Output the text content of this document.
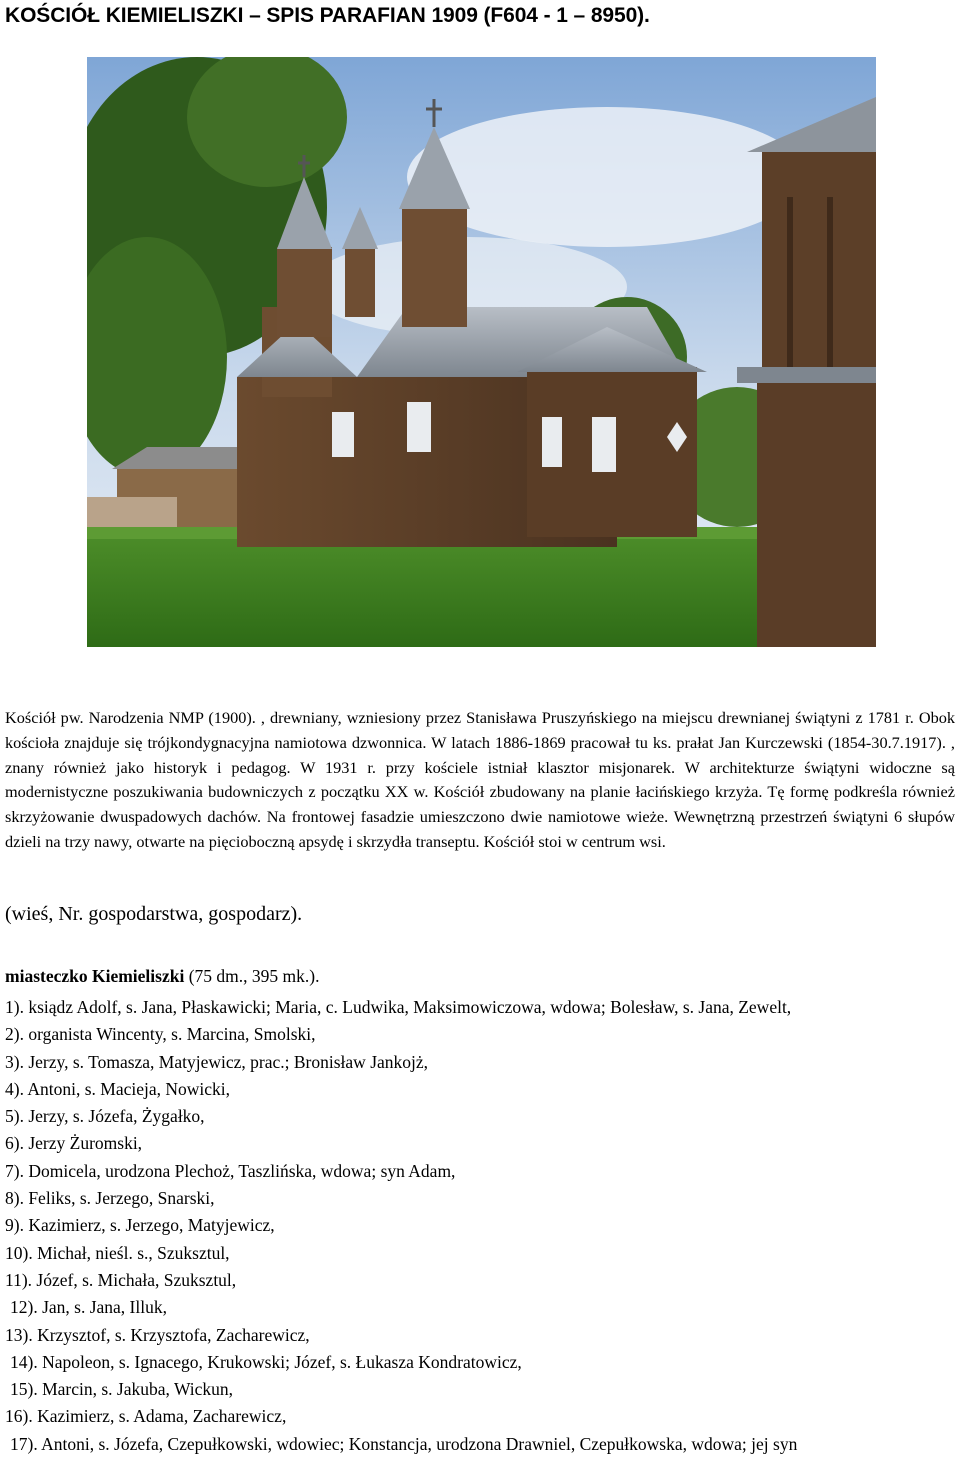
KOŚCIÓŁ KIEMIELISZKI – SPIS PARAFIAN 1909 (F604 - 1 – 8950).

Kościół pw. Narodzenia NMP (1900). , drewniany, wzniesiony przez Stanisława Pruszyńskiego na miejscu drewnianej świątyni z 1781 r. Obok kościoła znajduje się trójkondygnacyjna namiotowa dzwonnica. W latach 1886-1869 pracował tu ks. prałat Jan Kurczewski (1854-30.7.1917). , znany również jako historyk i pedagog. W 1931 r. przy kościele istniał klasztor misjonarek. W architekturze świątyni widoczne są modernistyczne poszukiwania budowniczych z początku XX w. Kościół zbudowany na planie łacińskiego krzyża. Tę formę podkreśla również skrzyżowanie dwuspadowych dachów. Na frontowej fasadzie umieszczono dwie namiotowe wieże. Wewnętrzną przestrzeń świątyni 6 słupów dzieli na trzy nawy, otwarte na pięcioboczną apsydę i skrzydła transeptu. Kościół stoi w centrum wsi.

(wieś, Nr. gospodarstwa, gospodarz).

miasteczko Kiemieliszki (75 dm., 395 mk.).

1). ksiądz Adolf, s. Jana, Płaskawicki; Maria, c. Ludwika, Maksimowiczowa, wdowa; Bolesław, s. Jana, Zewelt,
2). organista Wincenty, s. Marcina, Smolski,
3). Jerzy, s. Tomasza, Matyjewicz, prac.; Bronisław Jankojż,
4). Antoni, s. Macieja, Nowicki,
5). Jerzy, s. Józefa, Żygałko,
6). Jerzy Żuromski,
7). Domicela, urodzona Plechoż, Taszlińska, wdowa; syn Adam,
8). Feliks, s. Jerzego, Snarski,
9). Kazimierz, s. Jerzego, Matyjewicz,
10). Michał, nieśl. s., Szuksztul,
11). Józef, s. Michała, Szuksztul,
12). Jan, s. Jana, Illuk,
13). Krzysztof, s. Krzysztofa, Zacharewicz,
14). Napoleon, s. Ignacego, Krukowski; Józef, s. Łukasza Kondratowicz,
15). Marcin, s. Jakuba, Wickun,
16). Kazimierz, s. Adama, Zacharewicz,
17). Antoni, s. Józefa, Czepułkowski, wdowiec; Konstancja, urodzona Drawniel, Czepułkowska, wdowa; jej syn
